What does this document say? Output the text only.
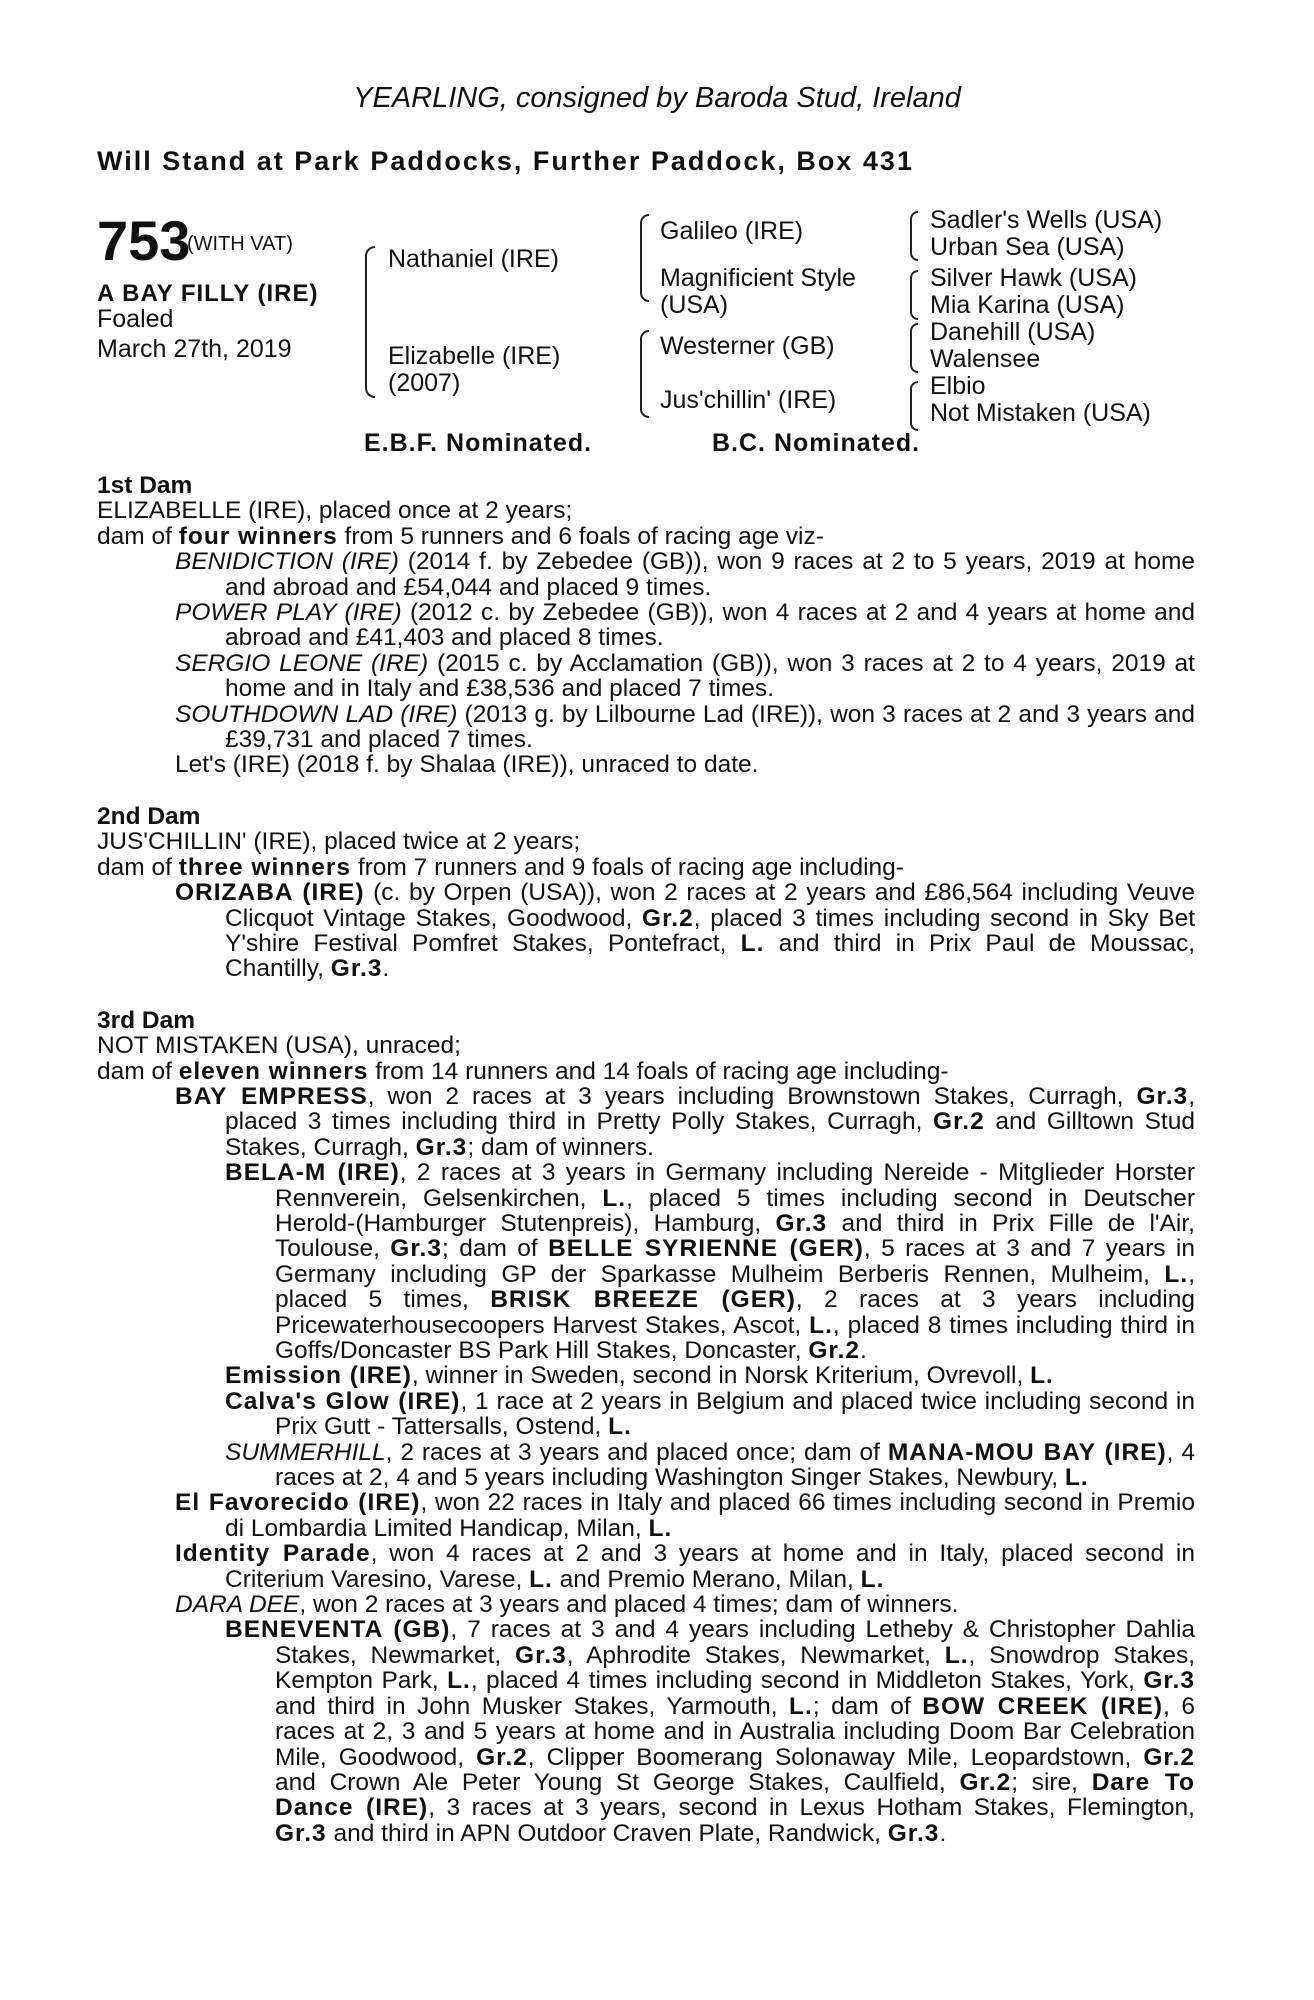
YEARLING, consigned by Baroda Stud, Ireland
Will Stand at Park Paddocks, Further Paddock, Box 431
753
(WITH VAT)
A BAY FILLY (IRE)
Foaled
March 27th, 2019
Nathaniel (IRE)
Elizabelle (IRE)
(2007)
Galileo (IRE)
Magnificient Style
(USA)
Westerner (GB)
Jus'chillin' (IRE)
Sadler's Wells (USA)
Urban Sea (USA)
Silver Hawk (USA)
Mia Karina (USA)
Danehill (USA)
Walensee
Elbio
Not Mistaken (USA)
E.B.F. Nominated.	B.C. Nominated.

1st Dam

ELIZABELLE (IRE), placed once at 2 years;

dam of four winners from 5 runners and 6 foals of racing age viz-

BENIDICTION (IRE) (2014 f. by Zebedee (GB)), won 9 races at 2 to 5 years, 2019 at home and abroad and £54,044 and placed 9 times.

POWER PLAY (IRE) (2012 c. by Zebedee (GB)), won 4 races at 2 and 4 years at home and abroad and £41,403 and placed 8 times.

SERGIO LEONE (IRE) (2015 c. by Acclamation (GB)), won 3 races at 2 to 4 years, 2019 at home and in Italy and £38,536 and placed 7 times.

SOUTHDOWN LAD (IRE) (2013 g. by Lilbourne Lad (IRE)), won 3 races at 2 and 3 years and £39,731 and placed 7 times.

Let's (IRE) (2018 f. by Shalaa (IRE)), unraced to date.

2nd Dam

JUS'CHILLIN' (IRE), placed twice at 2 years;

dam of three winners from 7 runners and 9 foals of racing age including-

ORIZABA (IRE) (c. by Orpen (USA)), won 2 races at 2 years and £86,564 including Veuve Clicquot Vintage Stakes, Goodwood, Gr.2, placed 3 times including second in Sky Bet Y'shire Festival Pomfret Stakes, Pontefract, L. and third in Prix Paul de Moussac, Chantilly, Gr.3.

3rd Dam

NOT MISTAKEN (USA), unraced;

dam of eleven winners from 14 runners and 14 foals of racing age including-

BAY EMPRESS, won 2 races at 3 years including Brownstown Stakes, Curragh, Gr.3, placed 3 times including third in Pretty Polly Stakes, Curragh, Gr.2 and Gilltown Stud Stakes, Curragh, Gr.3; dam of winners.

BELA-M (IRE), 2 races at 3 years in Germany including Nereide - Mitglieder Horster Rennverein, Gelsenkirchen, L., placed 5 times including second in Deutscher Herold-(Hamburger Stutenpreis), Hamburg, Gr.3 and third in Prix Fille de l'Air, Toulouse, Gr.3; dam of BELLE SYRIENNE (GER), 5 races at 3 and 7 years in Germany including GP der Sparkasse Mulheim Berberis Rennen, Mulheim, L., placed 5 times, BRISK BREEZE (GER), 2 races at 3 years including Pricewaterhousecoopers Harvest Stakes, Ascot, L., placed 8 times including third in Goffs/Doncaster BS Park Hill Stakes, Doncaster, Gr.2.

Emission (IRE), winner in Sweden, second in Norsk Kriterium, Ovrevoll, L.

Calva's Glow (IRE), 1 race at 2 years in Belgium and placed twice including second in Prix Gutt - Tattersalls, Ostend, L.

SUMMERHILL, 2 races at 3 years and placed once; dam of MANA-MOU BAY (IRE), 4 races at 2, 4 and 5 years including Washington Singer Stakes, Newbury, L.

El Favorecido (IRE), won 22 races in Italy and placed 66 times including second in Premio di Lombardia Limited Handicap, Milan, L.

Identity Parade, won 4 races at 2 and 3 years at home and in Italy, placed second in Criterium Varesino, Varese, L. and Premio Merano, Milan, L.

DARA DEE, won 2 races at 3 years and placed 4 times; dam of winners.

BENEVENTA (GB), 7 races at 3 and 4 years including Letheby & Christopher Dahlia Stakes, Newmarket, Gr.3, Aphrodite Stakes, Newmarket, L., Snowdrop Stakes, Kempton Park, L., placed 4 times including second in Middleton Stakes, York, Gr.3 and third in John Musker Stakes, Yarmouth, L.; dam of BOW CREEK (IRE), 6 races at 2, 3 and 5 years at home and in Australia including Doom Bar Celebration Mile, Goodwood, Gr.2, Clipper Boomerang Solonaway Mile, Leopardstown, Gr.2 and Crown Ale Peter Young St George Stakes, Caulfield, Gr.2; sire, Dare To Dance (IRE), 3 races at 3 years, second in Lexus Hotham Stakes, Flemington, Gr.3 and third in APN Outdoor Craven Plate, Randwick, Gr.3.
